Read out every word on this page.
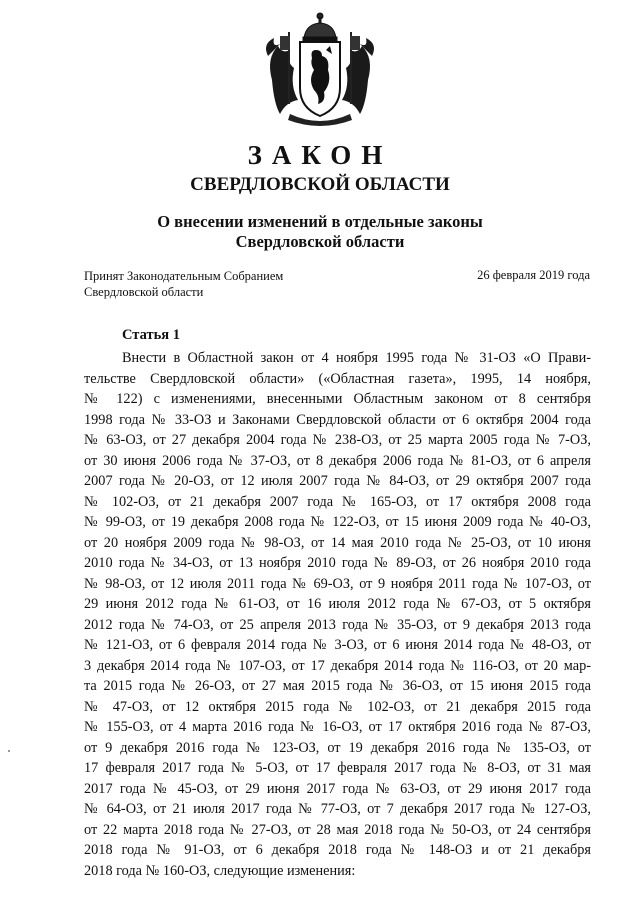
ЗАКОН
СВЕРДЛОВСКОЙ ОБЛАСТИ
О внесении изменений в отдельные законы
Свердловской области
Принят Законодательным Собранием
Свердловской области
26 февраля 2019 года
Статья 1
Внести в Областной закон от 4 ноября 1995 года № 31-ОЗ «О Прави-
тельстве Свердловской области» («Областная газета», 1995, 14 ноября,
№ 122) с изменениями, внесенными Областным законом от 8 сентября
1998 года № 33-ОЗ и Законами Свердловской области от 6 октября 2004 года
№ 63-ОЗ, от 27 декабря 2004 года № 238-ОЗ, от 25 марта 2005 года № 7-ОЗ,
от 30 июня 2006 года № 37-ОЗ, от 8 декабря 2006 года № 81-ОЗ, от 6 апреля
2007 года № 20-ОЗ, от 12 июля 2007 года № 84-ОЗ, от 29 октября 2007 года
№ 102-ОЗ, от 21 декабря 2007 года № 165-ОЗ, от 17 октября 2008 года
№ 99-ОЗ, от 19 декабря 2008 года № 122-ОЗ, от 15 июня 2009 года № 40-ОЗ,
от 20 ноября 2009 года № 98-ОЗ, от 14 мая 2010 года № 25-ОЗ, от 10 июня
2010 года № 34-ОЗ, от 13 ноября 2010 года № 89-ОЗ, от 26 ноября 2010 года
№ 98-ОЗ, от 12 июля 2011 года № 69-ОЗ, от 9 ноября 2011 года № 107-ОЗ, от
29 июня 2012 года № 61-ОЗ, от 16 июля 2012 года № 67-ОЗ, от 5 октября
2012 года № 74-ОЗ, от 25 апреля 2013 года № 35-ОЗ, от 9 декабря 2013 года
№ 121-ОЗ, от 6 февраля 2014 года № 3-ОЗ, от 6 июня 2014 года № 48-ОЗ, от
3 декабря 2014 года № 107-ОЗ, от 17 декабря 2014 года № 116-ОЗ, от 20 мар-
та 2015 года № 26-ОЗ, от 27 мая 2015 года № 36-ОЗ, от 15 июня 2015 года
№ 47-ОЗ, от 12 октября 2015 года № 102-ОЗ, от 21 декабря 2015 года
№ 155-ОЗ, от 4 марта 2016 года № 16-ОЗ, от 17 октября 2016 года № 87-ОЗ,
от 9 декабря 2016 года № 123-ОЗ, от 19 декабря 2016 года № 135-ОЗ, от
17 февраля 2017 года № 5-ОЗ, от 17 февраля 2017 года № 8-ОЗ, от 31 мая
2017 года № 45-ОЗ, от 29 июня 2017 года № 63-ОЗ, от 29 июня 2017 года
№ 64-ОЗ, от 21 июля 2017 года № 77-ОЗ, от 7 декабря 2017 года № 127-ОЗ,
от 22 марта 2018 года № 27-ОЗ, от 28 мая 2018 года № 50-ОЗ, от 24 сентября
2018 года № 91-ОЗ, от 6 декабря 2018 года № 148-ОЗ и от 21 декабря
2018 года № 160-ОЗ, следующие изменения:
